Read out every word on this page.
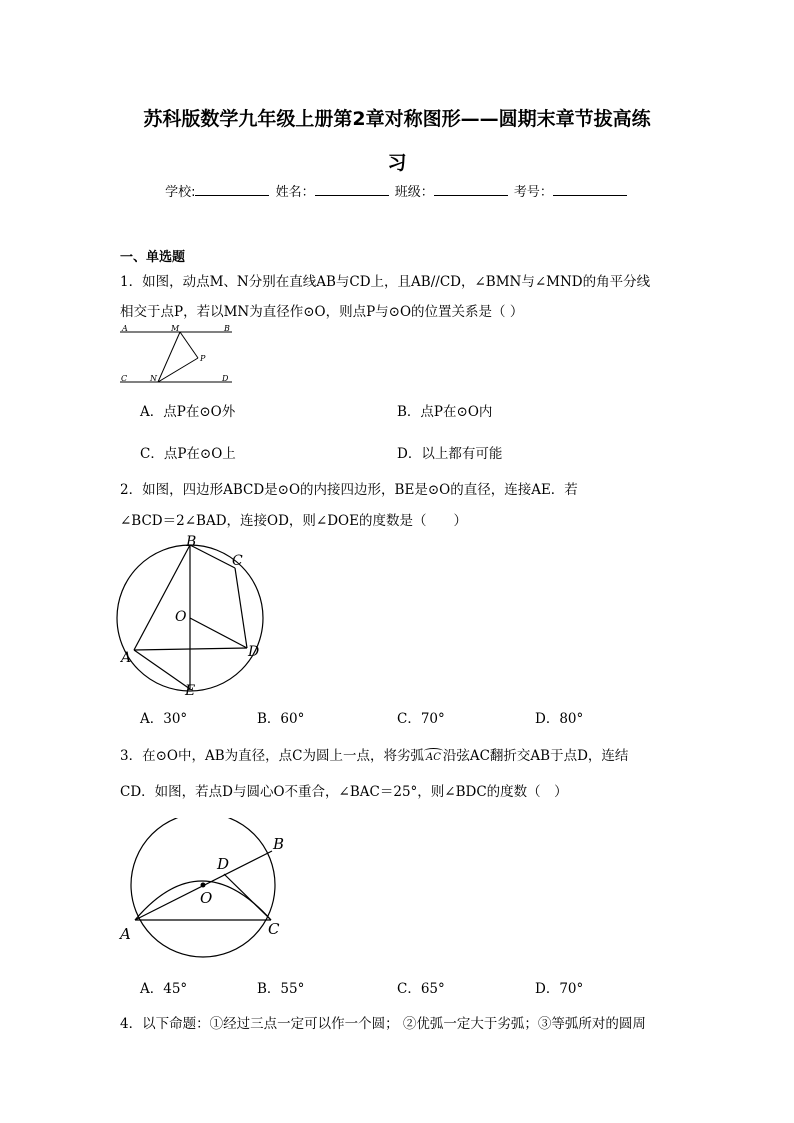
苏科版数学九年级上册第2章对称图形——圆期末章节拔高练
习
学校:	姓名：	班级：	考号：
一、单选题
1．如图，动点M、N分别在直线AB与CD上，且AB//CD，∠BMN与∠MND的角平分线
相交于点P，若以MN为直径作⊙O，则点P与⊙O的位置关系是（ ）
A	M	B
P
C	N	D
A．点P在⊙O外	B．点P在⊙O内
C．点P在⊙O上	D．以上都有可能
2．如图，四边形ABCD是⊙O的内接四边形，BE是⊙O的直径，连接AE．若
∠BCD＝2∠BAD，连接OD，则∠DOE的度数是（　　）
B
C
O
A	D
E
A．30°	B．60°	C．70°	D．80°
3．在⊙O中，AB为直径，点C为圆上一点，将劣弧 AC 沿弦AC翻折交AB于点D，连结
CD．如图，若点D与圆心O不重合，∠BAC＝25°，则∠BDC的度数（　）
B
D
O
A	C
A．45°	B．55°	C．65°	D．70°
4．以下命题：①经过三点一定可以作一个圆； ②优弧一定大于劣弧；③等弧所对的圆周
